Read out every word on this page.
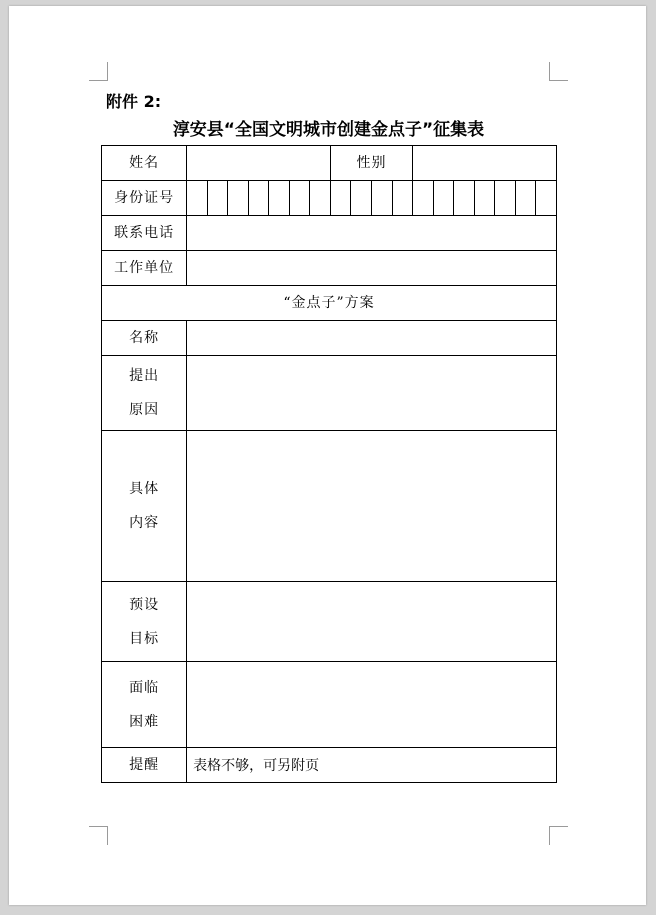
附件 2:
淳安县“全国文明城市创建金点子”征集表
姓名								性别										
身份证号																		
联系电话																		
工作单位																		
“金点子”方案																		
名称																		

提出
原因																		

具体
内容																		

预设
目标																		

面临
困难																		

提醒	表格不够，可另附页																	
